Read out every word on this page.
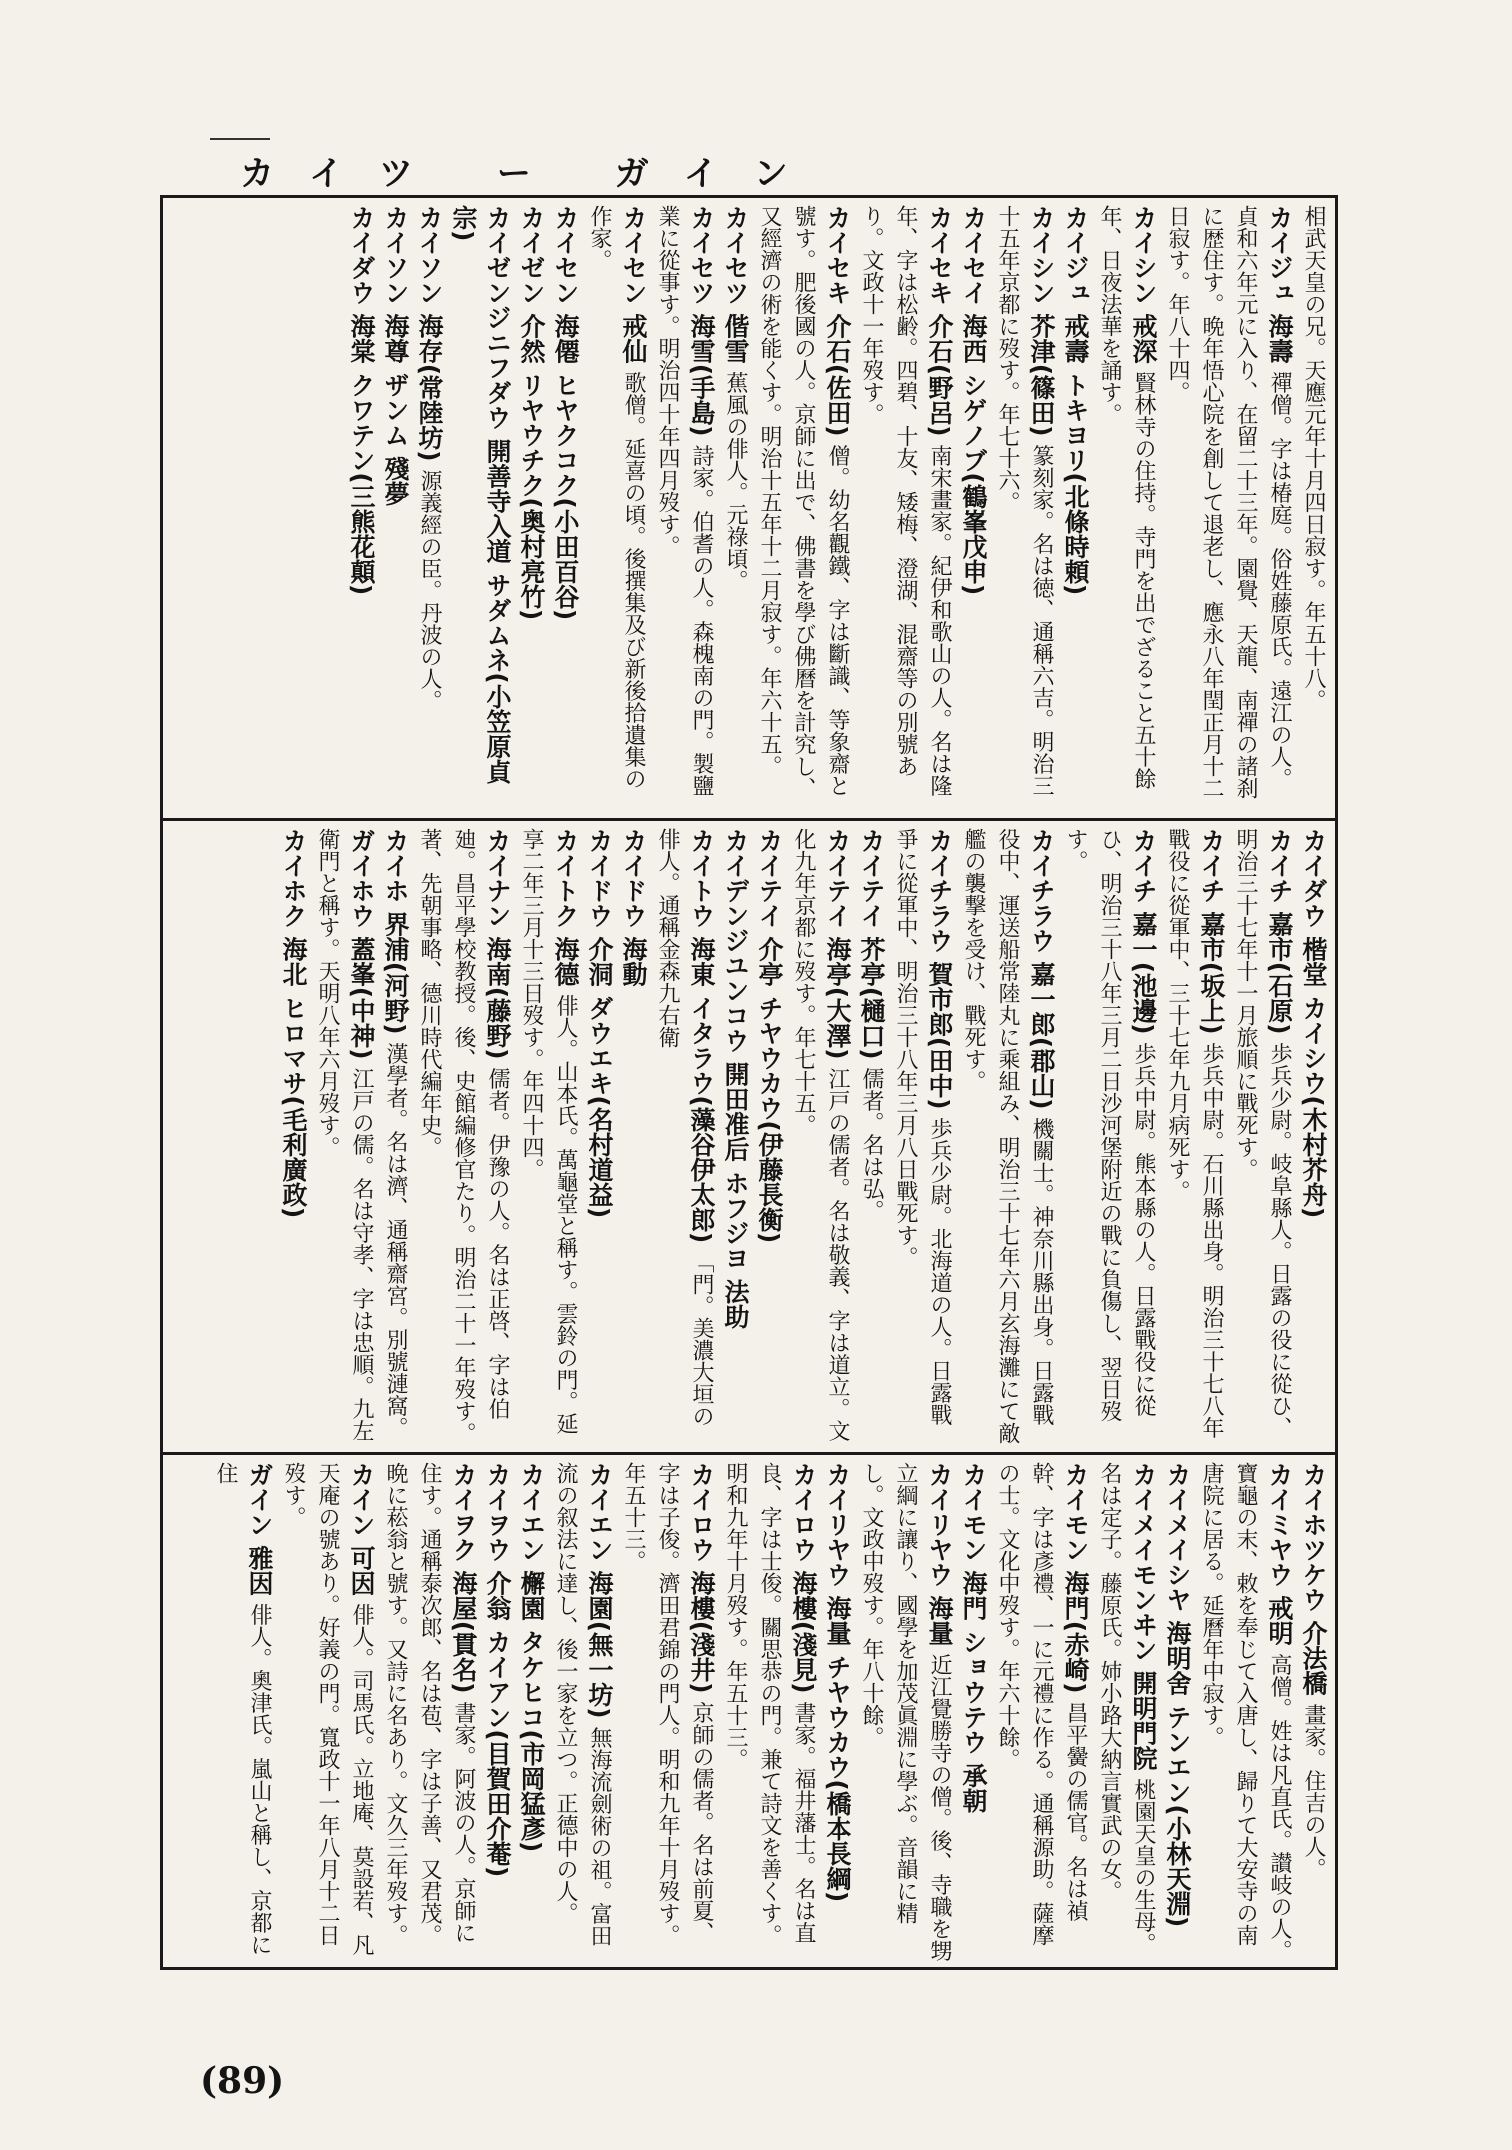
カイツ ー ガイン

相武天皇の兄。天應元年十月四日寂す。年五十八。

カイジュ 海壽 禪僧。字は椿庭。俗姓藤原氏。遠江の人。貞和六年元に入り、在留二十三年。園覺、天龍、南禪の諸刹に歴住す。晩年悟心院を創して退老し、應永八年閏正月十二日寂す。年八十四。

カイシン 戒深 賢林寺の住持。寺門を出でざること五十餘年、日夜法華を誦す。

カイジュ 戒壽 トキヨリ(北條時頼)

カイシン 芥津(篠田) 篆刻家。名は徳、通稱六吉。明治三十五年京都に歿す。年七十六。

カイセイ 海西 シゲノブ(鶴峯戊申)

カイセキ 介石(野呂) 南宋畫家。紀伊和歌山の人。名は隆年、字は松齢。四碧、十友、矮梅、澄湖、混齋等の別號あり。文政十一年歿す。

カイセキ 介石(佐田) 僧。幼名觀鐵、字は斷識、等象齋と號す。肥後國の人。京師に出で、佛書を學び佛曆を計究し、又經濟の術を能くす。明治十五年十二月寂す。年六十五。

カイセツ 偕雪 蕉風の俳人。元祿頃。

カイセツ 海雪(手島) 詩家。伯耆の人。森槐南の門。製鹽業に從事す。明治四十年四月歿す。

カイセン 戒仙 歌僧。延喜の頃。後撰集及び新後拾遺集の作家。

カイセン 海僊 ヒヤクコク(小田百谷)

カイゼン 介然 リヤウチク(奥村亮竹)

カイゼンジニフダウ 開善寺入道 サダムネ(小笠原貞宗)

カイソン 海存(常陸坊) 源義經の臣。丹波の人。

カイソン 海尊 ザンム 殘夢

カイダウ 海棠 クワテン(三熊花顛)

カイダウ 楷堂 カイシウ(木村芥舟)

カイチ 嘉市(石原) 歩兵少尉。岐阜縣人。日露の役に從ひ、明治三十七年十一月旅順に戰死す。

カイチ 嘉市(坂上) 歩兵中尉。石川縣出身。明治三十七八年戰役に從軍中、三十七年九月病死す。

カイチ 嘉一(池邊) 歩兵中尉。熊本縣の人。日露戰役に從ひ、明治三十八年三月二日沙河堡附近の戰に負傷し、翌日歿す。

カイチラウ 嘉一郎(郡山) 機關士。神奈川縣出身。日露戰役中、運送船常陸丸に乘組み、明治三十七年六月玄海灘にて敵艦の襲撃を受け、戰死す。

カイチラウ 賀市郎(田中) 歩兵少尉。北海道の人。日露戰爭に從軍中、明治三十八年三月八日戰死す。

カイテイ 芥亭(樋口) 儒者。名は弘。

カイテイ 海亭(大澤) 江戸の儒者。名は敬義、字は道立。文化九年京都に歿す。年七十五。

カイテイ 介亭 チヤウカウ(伊藤長衡)

カイデンジユンコウ 開田准后 ホフジヨ 法助

カイトウ 海東 イタラウ(藻谷伊太郎) 「門。美濃大垣の俳人。通稱金森九右衛

カイドウ 海動

カイドウ 介洞 ダウエキ(名村道益)

カイトク 海德 俳人。山本氏。萬龜堂と稱す。雲鈴の門。延享二年三月十三日歿す。年四十四。

カイナン 海南(藤野) 儒者。伊豫の人。名は正啓、字は伯廸。昌平學校教授。後、史館編修官たり。明治二十一年歿す。著、先朝事略、德川時代編年史。

カイホ 界浦(河野) 漢學者。名は濟、通稱齋宮。別號漣窩。

ガイホウ 蓋峯(中神) 江戸の儒。名は守孝、字は忠順。九左衛門と稱す。天明八年六月歿す。

カイホク 海北 ヒロマサ(毛利廣政)

カイホツケウ 介法橋 畫家。住吉の人。

カイミヤウ 戒明 高僧。姓は凡直氏。讃岐の人。寶龜の末、敕を奉じて入唐し、歸りて大安寺の南唐院に居る。延曆年中寂す。

カイメイシヤ 海明舍 テンエン(小林天淵)

カイメイモンヰン 開明門院 桃園天皇の生母。名は定子。藤原氏。姉小路大納言實武の女。

カイモン 海門(赤崎) 昌平黌の儒官。名は禎幹、字は彥禮、一に元禮に作る。通稱源助。薩摩の士。文化中歿す。年六十餘。

カイモン 海門 ショウテウ 承朝

カイリヤウ 海量 近江覺勝寺の僧。後、寺職を甥立綱に讓り、國學を加茂眞淵に學ぶ。音韻に精し。文政中歿す。年八十餘。

カイリヤウ 海量 チヤウカウ(橋本長綱)

カイロウ 海樓(淺見) 書家。福井藩士。名は直良、字は士俊。關思恭の門。兼て詩文を善くす。明和九年十月歿す。年五十三。

カイロウ 海樓(淺井) 京師の儒者。名は前夏、字は子俊。濟田君錦の門人。明和九年十月歿す。年五十三。

カイエン 海園(無一坊) 無海流劍術の祖。富田流の叙法に達し、後一家を立つ。正德中の人。

カイエン 檞園 タケヒコ(市岡猛彥)

カイヲウ 介翁 カイアン(目賀田介菴)

カイヲク 海屋(貫名) 書家。阿波の人。京師に住す。通稱泰次郎、名は苞、字は子善、又君茂。晩に菘翁と號す。又詩に名あり。文久三年歿す。

カイン 可因 俳人。司馬氏。立地庵、莫設若、凡天庵の號あり。好義の門。寬政十一年八月十二日歿す。

ガイン 雅因 俳人。奧津氏。嵐山と稱し、京都に住

(89)
